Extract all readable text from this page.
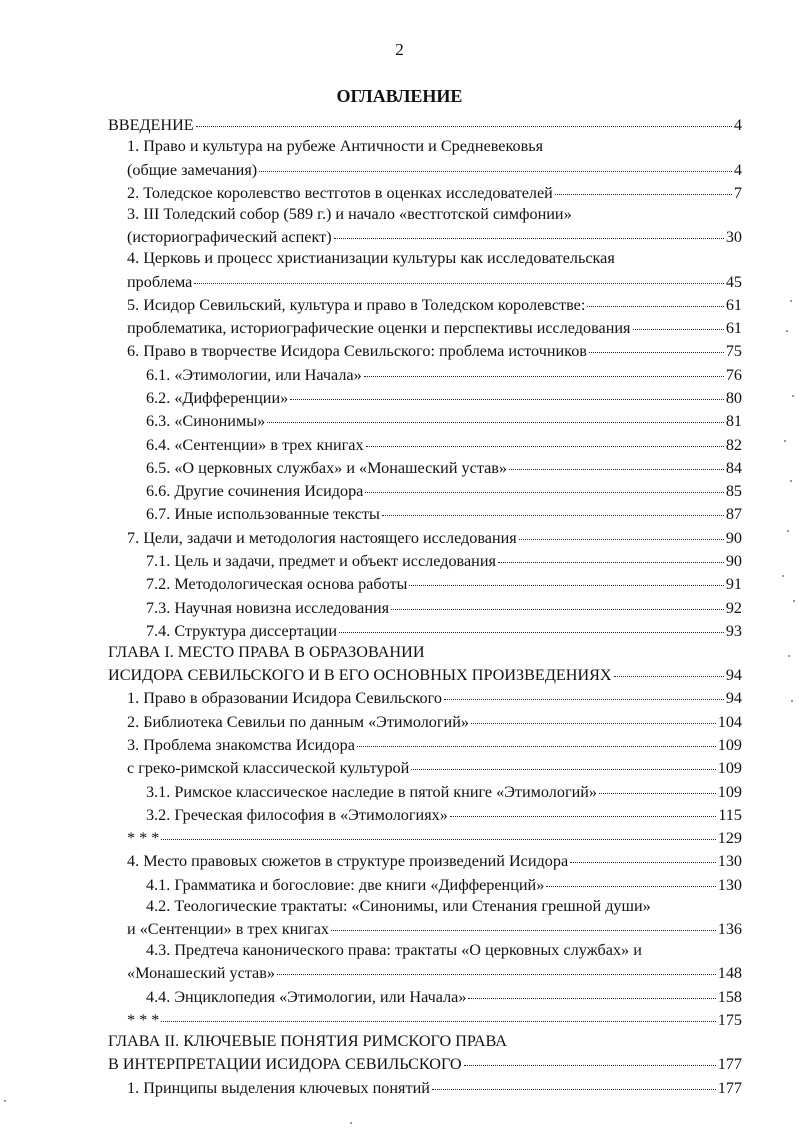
2
ОГЛАВЛЕНИЕ
ВВЕДЕНИЕ	4
1. Право и культура на рубеже Античности и Средневековья
(общие замечания)	4
2. Толедское королевство вестготов в оценках исследователей	7
3. III Толедский собор (589 г.) и начало «вестготской симфонии»
(историографический аспект)	30
4. Церковь и процесс христианизации культуры как исследовательская
проблема	45
5. Исидор Севильский, культура и право в Толедском королевстве:	61
проблематика, историографические оценки и перспективы исследования	61
6. Право в творчестве Исидора Севильского: проблема источников	75
6.1. «Этимологии, или Начала»	76
6.2. «Дифференции»	80
6.3. «Синонимы»	81
6.4. «Сентенции» в трех книгах	82
6.5. «О церковных службах» и «Монашеский устав»	84
6.6. Другие сочинения Исидора	85
6.7. Иные использованные тексты	87
7. Цели, задачи и методология настоящего исследования	90
7.1. Цель и задачи, предмет и объект исследования	90
7.2. Методологическая основа работы	91
7.3. Научная новизна исследования	92
7.4. Структура диссертации	93
ГЛАВА I. МЕСТО ПРАВА В ОБРАЗОВАНИИ
ИСИДОРА СЕВИЛЬСКОГО И В ЕГО ОСНОВНЫХ ПРОИЗВЕДЕНИЯХ	94
1. Право в образовании Исидора Севильского	94
2. Библиотека Севильи по данным «Этимологий»	104
3. Проблема знакомства Исидора	109
с греко-римской классической культурой	109
3.1. Римское классическое наследие в пятой книге «Этимологий»	109
3.2. Греческая философия в «Этимологиях»	115
* * *	129
4. Место правовых сюжетов в структуре произведений Исидора	130
4.1. Грамматика и богословие: две книги «Дифференций»	130
4.2. Теологические трактаты: «Синонимы, или Стенания грешной души»
и «Сентенции» в трех книгах	136
4.3. Предтеча канонического права: трактаты «О церковных службах» и
«Монашеский устав»	148
4.4. Энциклопедия «Этимологии, или Начала»	158
* * *	175
ГЛАВА II. КЛЮЧЕВЫЕ ПОНЯТИЯ РИМСКОГО ПРАВА
В ИНТЕРПРЕТАЦИИ ИСИДОРА СЕВИЛЬСКОГО	177
1. Принципы выделения ключевых понятий	177
